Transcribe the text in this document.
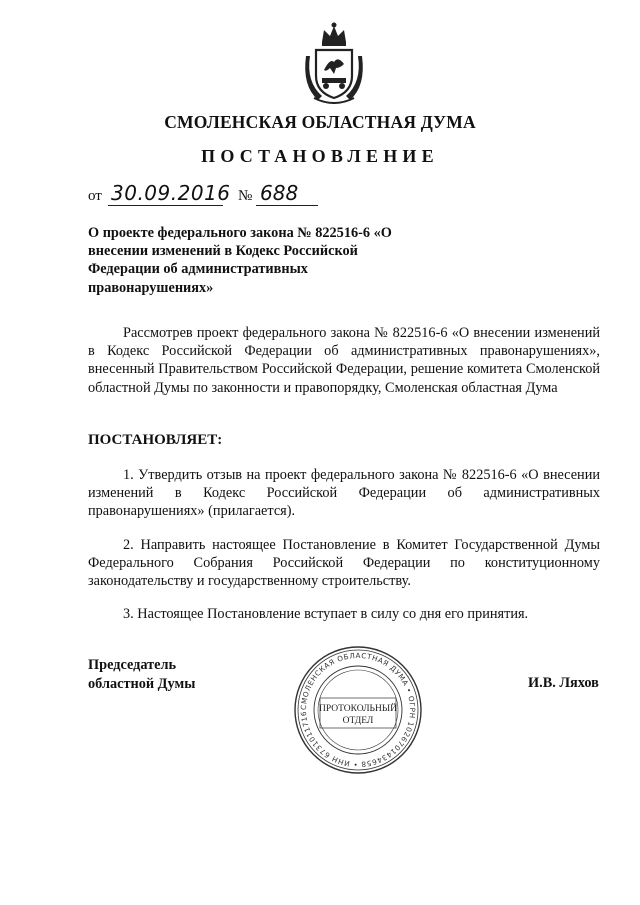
СМОЛЕНСКАЯ ОБЛАСТНАЯ ДУМА
ПОСТАНОВЛЕНИЕ
от 30.09.2016 № 688
О проекте федерального закона № 822516-6 «О внесении изменений в Кодекс Российской Федерации об административных правонарушениях»
Рассмотрев проект федерального закона № 822516-6 «О внесении изменений в Кодекс Российской Федерации об административных правонарушениях», внесенный Правительством Российской Федерации, решение комитета Смоленской областной Думы по законности и правопорядку, Смоленская областная Дума
ПОСТАНОВЛЯЕТ:
1. Утвердить отзыв на проект федерального закона № 822516-6 «О внесении изменений в Кодекс Российской Федерации об административных правонарушениях» (прилагается).
2. Направить настоящее Постановление в Комитет Государственной Думы Федерального Собрания Российской Федерации по конституционному законодательству и государственному строительству.
3. Настоящее Постановление вступает в силу со дня его принятия.
Председатель
областной Думы	И.В. Ляхов
СМОЛЕНСКАЯ ОБЛАСТНАЯ ДУМА • ОГРН 1026701434658 • ИНН 6731011716	ПРОТОКОЛЬНЫЙ
ОТДЕЛ
